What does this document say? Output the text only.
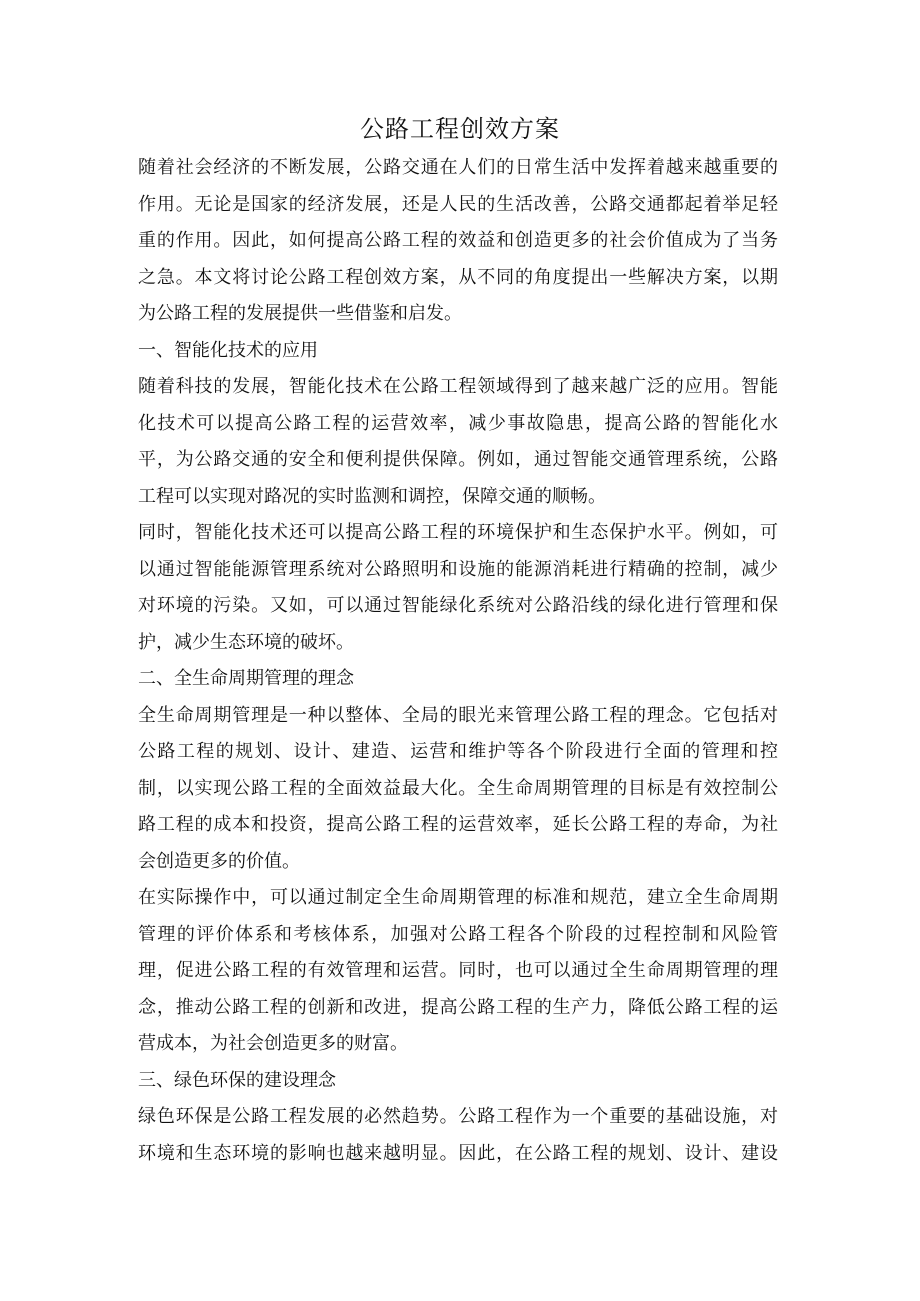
公路工程创效方案
随着社会经济的不断发展，公路交通在人们的日常生活中发挥着越来越重要的
作用。无论是国家的经济发展，还是人民的生活改善，公路交通都起着举足轻
重的作用。因此，如何提高公路工程的效益和创造更多的社会价值成为了当务
之急。本文将讨论公路工程创效方案，从不同的角度提出一些解决方案，以期
为公路工程的发展提供一些借鉴和启发。
一、智能化技术的应用
随着科技的发展，智能化技术在公路工程领域得到了越来越广泛的应用。智能
化技术可以提高公路工程的运营效率，减少事故隐患，提高公路的智能化水
平，为公路交通的安全和便利提供保障。例如，通过智能交通管理系统，公路
工程可以实现对路况的实时监测和调控，保障交通的顺畅。
同时，智能化技术还可以提高公路工程的环境保护和生态保护水平。例如，可
以通过智能能源管理系统对公路照明和设施的能源消耗进行精确的控制，减少
对环境的污染。又如，可以通过智能绿化系统对公路沿线的绿化进行管理和保
护，减少生态环境的破坏。
二、全生命周期管理的理念
全生命周期管理是一种以整体、全局的眼光来管理公路工程的理念。它包括对
公路工程的规划、设计、建造、运营和维护等各个阶段进行全面的管理和控
制，以实现公路工程的全面效益最大化。全生命周期管理的目标是有效控制公
路工程的成本和投资，提高公路工程的运营效率，延长公路工程的寿命，为社
会创造更多的价值。
在实际操作中，可以通过制定全生命周期管理的标准和规范，建立全生命周期
管理的评价体系和考核体系，加强对公路工程各个阶段的过程控制和风险管
理，促进公路工程的有效管理和运营。同时，也可以通过全生命周期管理的理
念，推动公路工程的创新和改进，提高公路工程的生产力，降低公路工程的运
营成本，为社会创造更多的财富。
三、绿色环保的建设理念
绿色环保是公路工程发展的必然趋势。公路工程作为一个重要的基础设施，对
环境和生态环境的影响也越来越明显。因此，在公路工程的规划、设计、建设
